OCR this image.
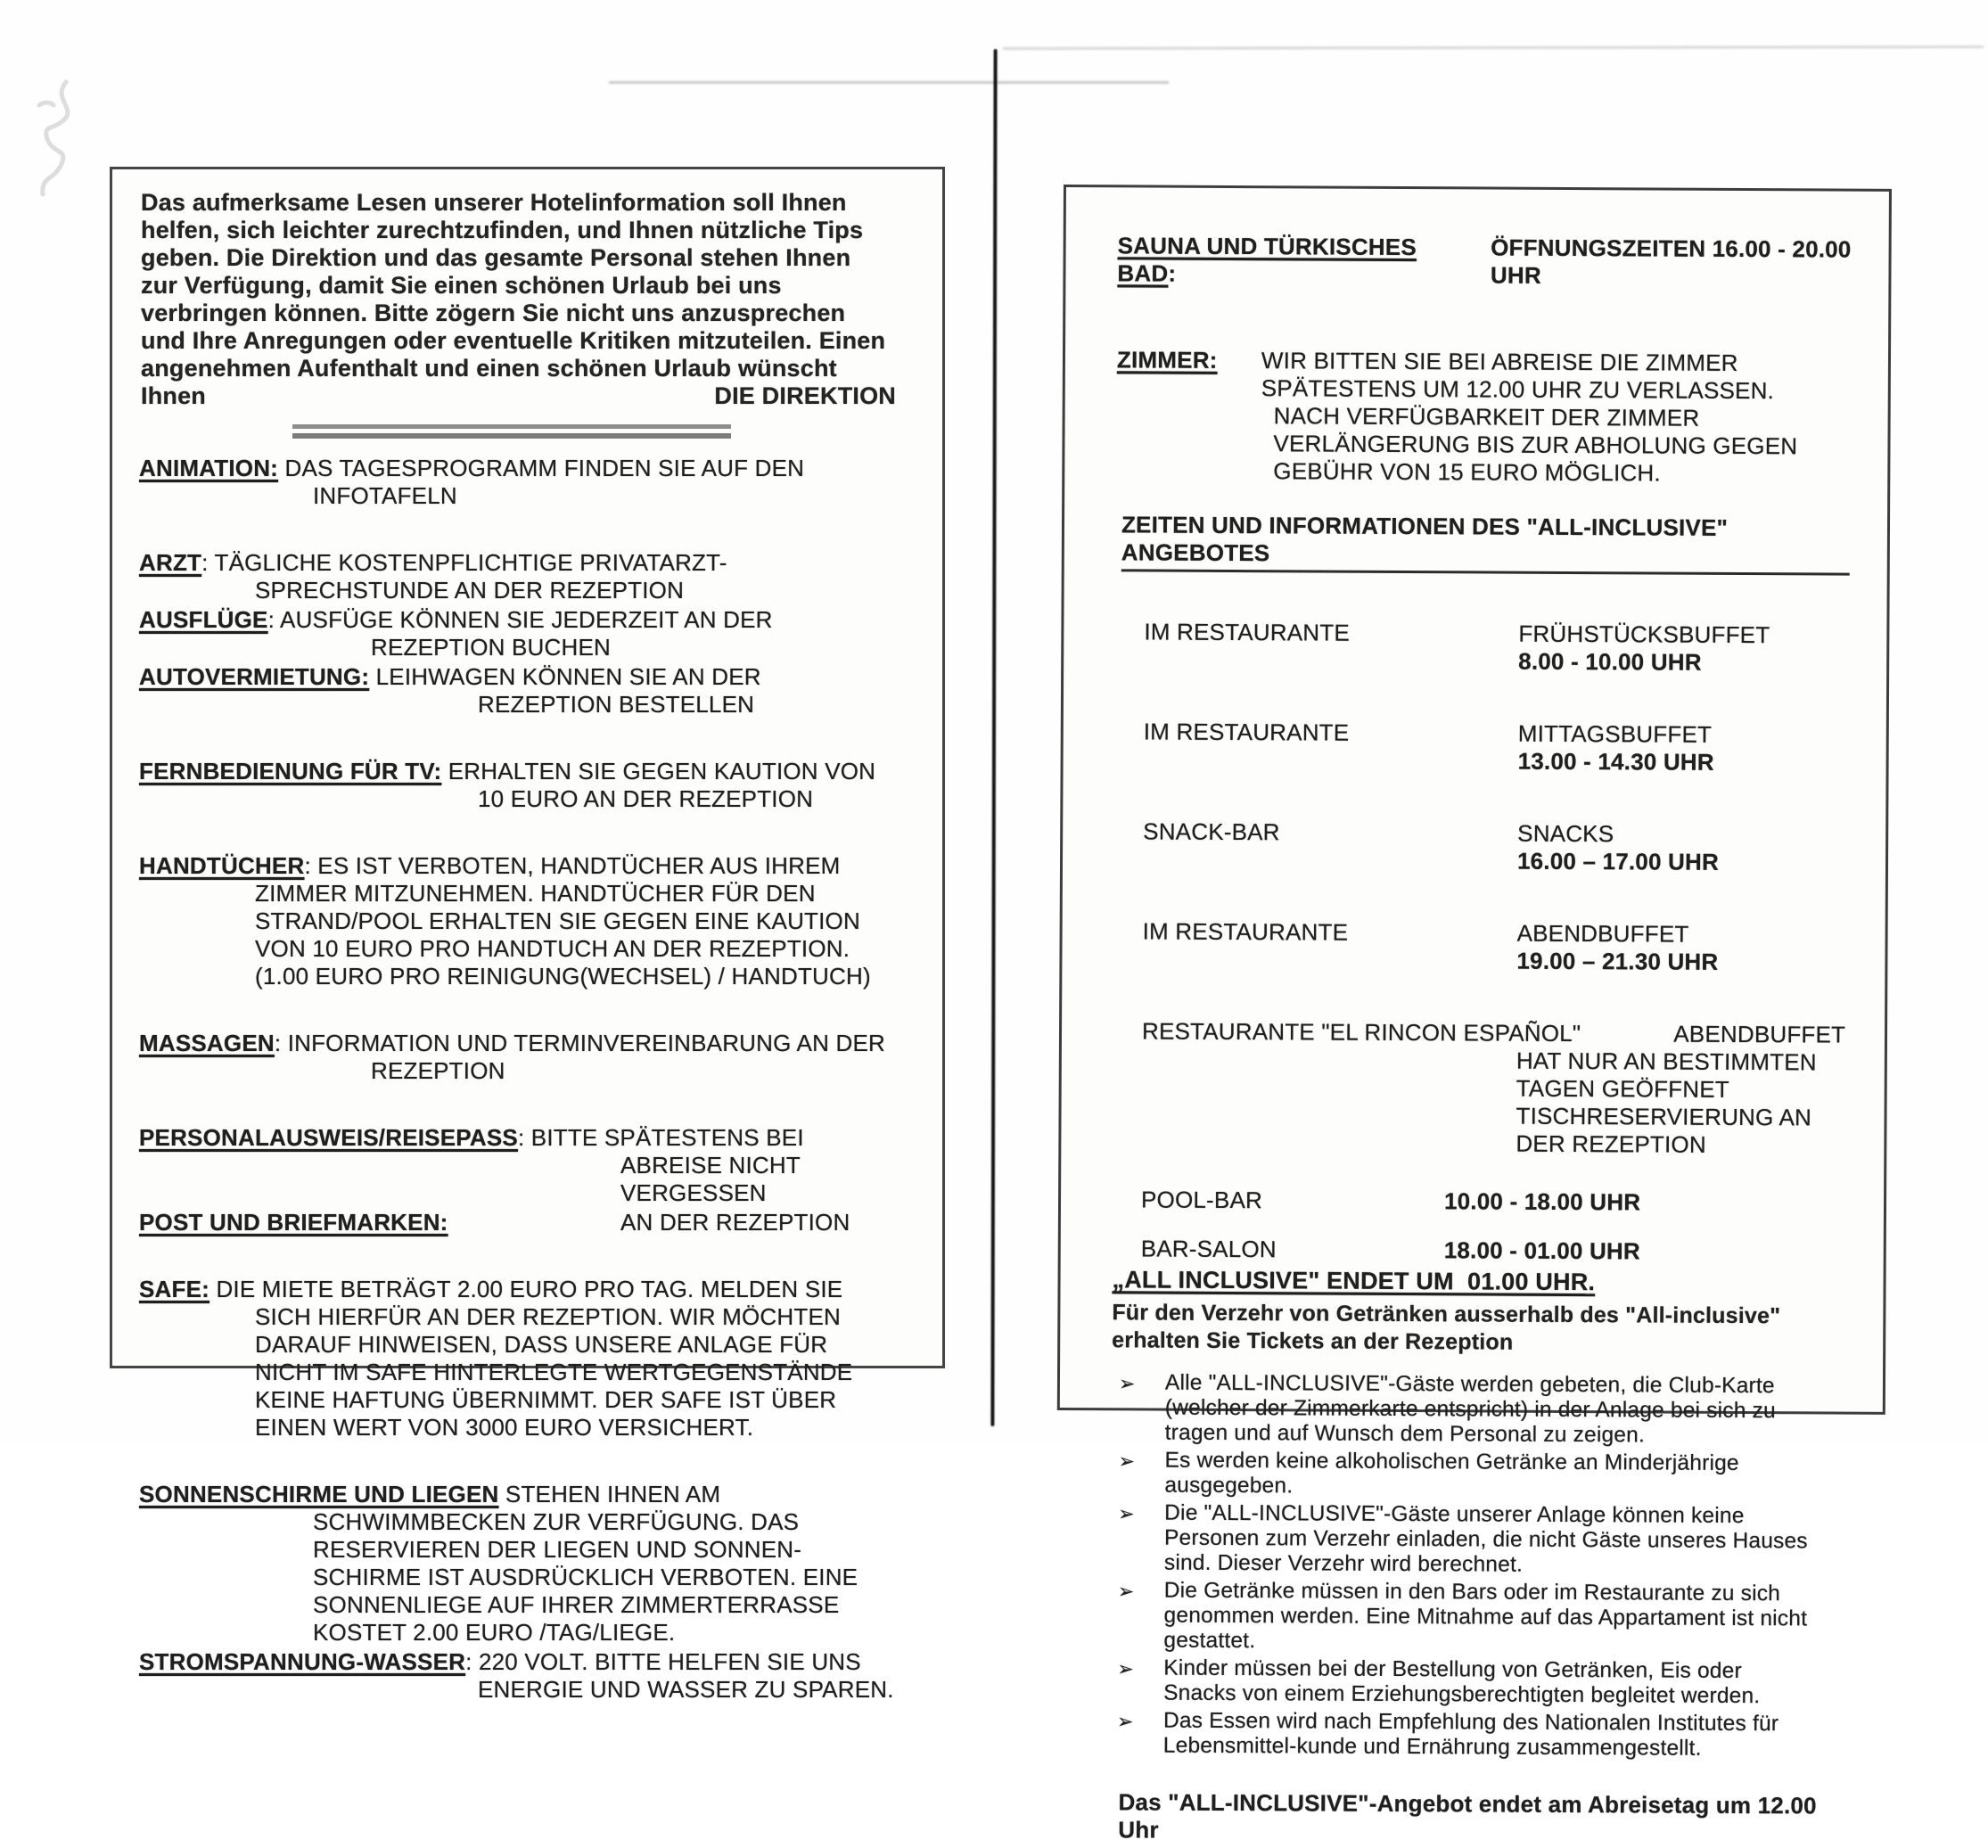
Das aufmerksame Lesen unserer Hotelinformation soll Ihnen helfen, sich leichter zurechtzufinden, und Ihnen nützliche Tips geben. Die Direktion und das gesamte Personal stehen Ihnen zur Verfügung, damit Sie einen schönen Urlaub bei uns verbringen können. Bitte zögern Sie nicht uns anzusprechen und Ihre Anregungen oder eventuelle Kritiken mitzuteilen. Einen angenehmen Aufenthalt und einen schönen Urlaub wünscht Ihnen	DIE DIREKTION

ANIMATION: DAS TAGESPROGRAMM FINDEN SIE AUF DEN INFOTAFELN

ARZT: TÄGLICHE KOSTENPFLICHTIGE PRIVATARZT-SPRECHSTUNDE AN DER REZEPTION

AUSFLÜGE: AUSFÜGE KÖNNEN SIE JEDERZEIT AN DER REZEPTION BUCHEN

AUTOVERMIETUNG: LEIHWAGEN KÖNNEN SIE AN DER REZEPTION BESTELLEN

FERNBEDIENUNG FÜR TV: ERHALTEN SIE GEGEN KAUTION VON 10 EURO AN DER REZEPTION

HANDTÜCHER: ES IST VERBOTEN, HANDTÜCHER AUS IHREM ZIMMER MITZUNEHMEN. HANDTÜCHER FÜR DEN STRAND/POOL ERHALTEN SIE GEGEN EINE KAUTION VON 10 EURO PRO HANDTUCH AN DER REZEPTION.(1.00 EURO PRO REINIGUNG(WECHSEL) / HANDTUCH)

MASSAGEN: INFORMATION UND TERMINVEREINBARUNG AN DER REZEPTION

PERSONALAUSWEIS/REISEPASS: BITTE SPÄTESTENS BEI ABREISE NICHT VERGESSEN

POST UND BRIEFMARKEN:	AN DER REZEPTION

SAFE: DIE MIETE BETRÄGT 2.00 EURO PRO TAG. MELDEN SIE SICH HIERFÜR AN DER REZEPTION. WIR MÖCHTEN DARAUF HINWEISEN, DASS UNSERE ANLAGE FÜR NICHT IM SAFE HINTERLEGTE WERTGEGENSTÄNDE KEINE HAFTUNG ÜBERNIMMT. DER SAFE IST ÜBER EINEN WERT VON 3000 EURO VERSICHERT.

SONNENSCHIRME UND LIEGEN STEHEN IHNEN AM SCHWIMMBECKEN ZUR VERFÜGUNG. DAS RESERVIEREN DER LIEGEN UND SONNEN-SCHIRME IST AUSDRÜCKLICH VERBOTEN. EINE SONNENLIEGE AUF IHRER ZIMMERTERRASSE KOSTET 2.00 EURO /TAG/LIEGE.

STROMSPANNUNG-WASSER: 220 VOLT. BITTE HELFEN SIE UNS ENERGIE UND WASSER ZU SPAREN.

SAUNA UND TÜRKISCHES BAD:
ÖFFNUNGSZEITEN 16.00 - 20.00 UHR
ZIMMER:	WIR BITTEN SIE BEI ABREISE DIE ZIMMER SPÄTESTENS UM 12.00 UHR ZU VERLASSEN.
NACH VERFÜGBARKEIT DER ZIMMER VERLÄNGERUNG BIS ZUR ABHOLUNG GEGEN GEBÜHR VON 15 EURO MÖGLICH.
ZEITEN UND INFORMATIONEN DES "ALL-INCLUSIVE" ANGEBOTES
IM RESTAURANTE	FRÜHSTÜCKSBUFFET
8.00 - 10.00 UHR
IM RESTAURANTE	MITTAGSBUFFET
13.00 - 14.30 UHR
SNACK-BAR	SNACKS
16.00 – 17.00 UHR
IM RESTAURANTE	ABENDBUFFET
19.00 – 21.30 UHR
RESTAURANTE "EL RINCON ESPAÑOL"	ABENDBUFFET
HAT NUR AN BESTIMMTEN TAGEN GEÖFFNET
TISCHRESERVIERUNG AN DER REZEPTION
POOL-BAR	10.00 - 18.00 UHR
BAR-SALON	18.00 - 01.00 UHR

„ALL INCLUSIVE" ENDET UM  01.00 UHR.

Für den Verzehr von Getränken ausserhalb des "All-inclusive" erhalten Sie Tickets an der Rezeption

➢	Alle "ALL-INCLUSIVE"-Gäste werden gebeten, die Club-Karte (welcher der Zimmerkarte entspricht) in der Anlage bei sich zu tragen und auf Wunsch dem Personal zu zeigen.
➢	Es werden keine alkoholischen Getränke an Minderjährige ausgegeben.
➢	Die "ALL-INCLUSIVE"-Gäste unserer Anlage können keine Personen zum Verzehr einladen, die nicht Gäste unseres Hauses sind. Dieser Verzehr wird berechnet.
➢	Die Getränke müssen in den Bars oder im Restaurante zu sich genommen werden. Eine Mitnahme auf das Appartament ist nicht gestattet.
➢	Kinder müssen bei der Bestellung von Getränken, Eis oder Snacks von einem Erziehungsberechtigten begleitet werden.
➢	Das Essen wird nach Empfehlung des Nationalen Institutes für Lebensmittel-kunde und Ernährung zusammengestellt.

Das "ALL-INCLUSIVE"-Angebot endet am Abreisetag um 12.00 Uhr
